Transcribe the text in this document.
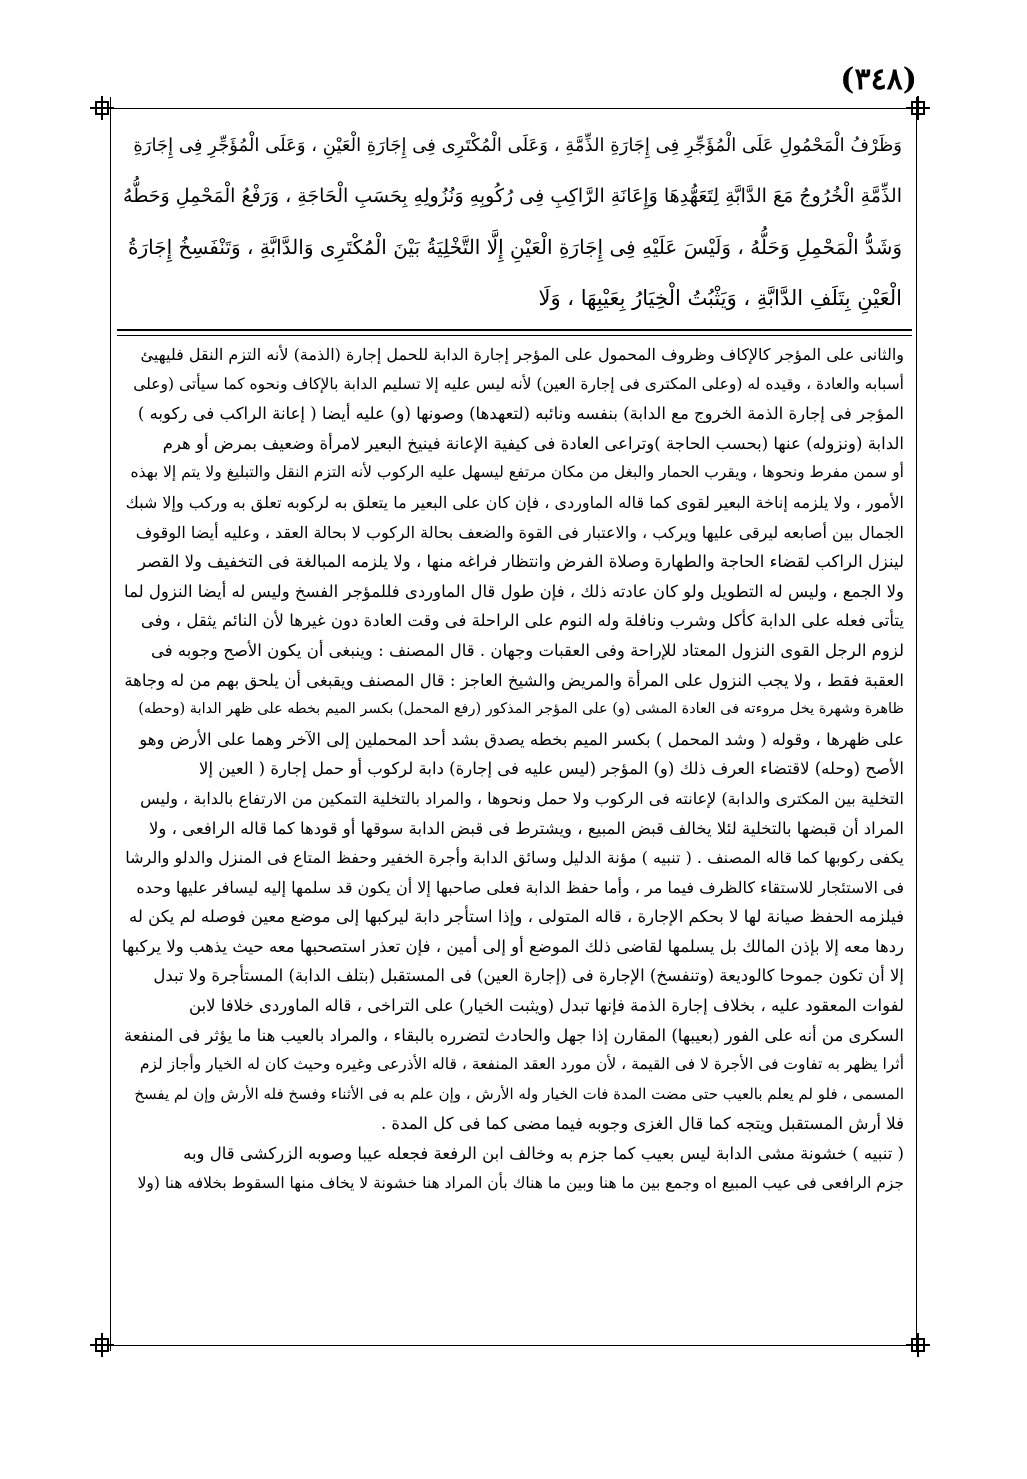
(٣٤٨)

وَظَرْفُ الْمَحْمُولِ عَلَى الْمُؤَجِّرِ فِى إِجَارَةِ الذِّمَّةِ ، وَعَلَى الْمُكْتَرِى فِى إِجَارَةِ الْعَيْنِ ، وَعَلَى الْمُؤَجِّرِ فِى إِجَارَةِ

الذِّمَّةِ الْخُرُوجُ مَعَ الدَّابَّةِ لِتَعَهُّدِهَا وَإِعَانَةِ الرَّاكِبِ فِى رُكُوبِهِ وَنُزُولِهِ بِحَسَبِ الْحَاجَةِ ، وَرَفْعُ الْمَحْمِلِ وَحَطُّهُ

وَشَدُّ الْمَحْمِلِ وَحَلُّهُ ، وَلَيْسَ عَلَيْهِ فِى إِجَارَةِ الْعَيْنِ إِلَّا التَّخْلِيَةُ بَيْنَ الْمُكْتَرِى وَالدَّابَّةِ ، وَتَنْفَسِخُ إِجَارَةُ

الْعَيْنِ بِتَلَفِ الدَّابَّةِ ، وَيَثْبُتُ الْخِيَارُ بِعَيْبِهَا ، وَلَا

والثانى على المؤجر كالإكاف وظروف المحمول على المؤجر إجارة الدابة للحمل إجارة (الذمة) لأنه التزم النقل فليهيئ

أسبابه والعادة ، وقيده له (وعلى المكترى فى إجارة العين) لأنه ليس عليه إلا تسليم الدابة بالإكاف ونحوه كما سيأتى (وعلى

المؤجر فى إجارة الذمة الخروج مع الدابة) بنفسه ونائبه (لتعهدها) وصونها (و) عليه أيضا ( إعانة الراكب فى ركوبه )

الدابة (ونزوله) عنها (بحسب الحاجة )وتراعى العادة فى كيفية الإعانة فينيخ البعير لامرأة وضعيف بمرض أو هرم

أو سمن مفرط ونحوها ، ويقرب الحمار والبغل من مكان مرتفع ليسهل عليه الركوب لأنه التزم النقل والتبليغ ولا يتم إلا بهذه

الأمور ، ولا يلزمه إناخة البعير لقوى كما قاله الماوردى ، فإن كان على البعير ما يتعلق به لركوبه تعلق به وركب وإلا شبك

الجمال بين أصابعه ليرقى عليها ويركب ، والاعتبار فى القوة والضعف بحالة الركوب لا بحالة العقد ، وعليه أيضا الوقوف

لينزل الراكب لقضاء الحاجة والطهارة وصلاة الفرض وانتظار فراغه منها ، ولا يلزمه المبالغة فى التخفيف ولا القصر

ولا الجمع ، وليس له التطويل ولو كان عادته ذلك ، فإن طول قال الماوردى فللمؤجر الفسخ وليس له أيضا النزول لما

يتأتى فعله على الدابة كأكل وشرب ونافلة وله النوم على الراحلة فى وقت العادة دون غيرها لأن النائم يثقل ، وفى

لزوم الرجل القوى النزول المعتاد للإراحة وفى العقبات وجهان . قال المصنف : وينبغى أن يكون الأصح وجوبه فى

العقبة فقط ، ولا يجب النزول على المرأة والمريض والشيخ العاجز : قال المصنف ويقبغى أن يلحق بهم من له وجاهة

ظاهرة وشهرة يخل مروءته فى العادة المشى (و) على المؤجر المذكور (رفع المحمل) بكسر الميم بخطه على ظهر الدابة (وحطه)

على ظهرها ، وقوله ( وشد المحمل ) بكسر الميم بخطه يصدق بشد أحد المحملين إلى الآخر وهما على الأرض وهو

الأصح (وحله) لاقتضاء العرف ذلك (و) المؤجر (ليس عليه فى إجارة) دابة لركوب أو حمل إجارة ( العين إلا

التخلية بين المكترى والدابة) لإعانته فى الركوب ولا حمل ونحوها ، والمراد بالتخلية التمكين من الارتفاع بالدابة ، وليس

المراد أن قبضها بالتخلية لئلا يخالف قبض المبيع ، ويشترط فى قبض الدابة سوقها أو قودها كما قاله الرافعى ، ولا

يكفى ركوبها كما قاله المصنف . ( تنبيه ) مؤنة الدليل وسائق الدابة وأجرة الخفير وحفظ المتاع فى المنزل والدلو والرشا

فى الاستئجار للاستقاء كالظرف فيما مر ، وأما حفظ الدابة فعلى صاحبها إلا أن يكون قد سلمها إليه ليسافر عليها وحده

فيلزمه الحفظ صيانة لها لا بحكم الإجارة ، قاله المتولى ، وإذا استأجر دابة ليركبها إلى موضع معين فوصله لم يكن له

ردها معه إلا بإذن المالك بل يسلمها لقاضى ذلك الموضع أو إلى أمين ، فإن تعذر استصحبها معه حيث يذهب ولا يركبها

إلا أن تكون جموحا كالوديعة (وتنفسخ) الإجارة فى (إجارة العين) فى المستقبل (بتلف الدابة) المستأجرة ولا تبدل

لفوات المعقود عليه ، بخلاف إجارة الذمة فإنها تبدل (ويثبت الخيار) على التراخى ، قاله الماوردى خلافا لابن

السكرى من أنه على الفور (بعيبها) المقارن إذا جهل والحادث لتضرره بالبقاء ، والمراد بالعيب هنا ما يؤثر فى المنفعة

أثرا يظهر به تفاوت فى الأجرة لا فى القيمة ، لأن مورد العقد المنفعة ، قاله الأذرعى وغيره وحيث كان له الخيار وأجاز لزم

المسمى ، فلو لم يعلم بالعيب حتى مضت المدة فات الخيار وله الأرش ، وإن علم به فى الأثناء وفسخ فله الأرش وإن لم يفسخ

فلا أرش المستقبل ويتجه كما قال الغزى وجوبه فيما مضى كما فى كل المدة .

( تنبيه ) خشونة مشى الدابة ليس بعيب كما جزم به وخالف ابن الرفعة فجعله عيبا وصوبه الزركشى قال وبه

جزم الرافعى فى عيب المبيع اه وجمع بين ما هنا وبين ما هناك بأن المراد هنا خشونة لا يخاف منها السقوط بخلافه هنا (ولا
